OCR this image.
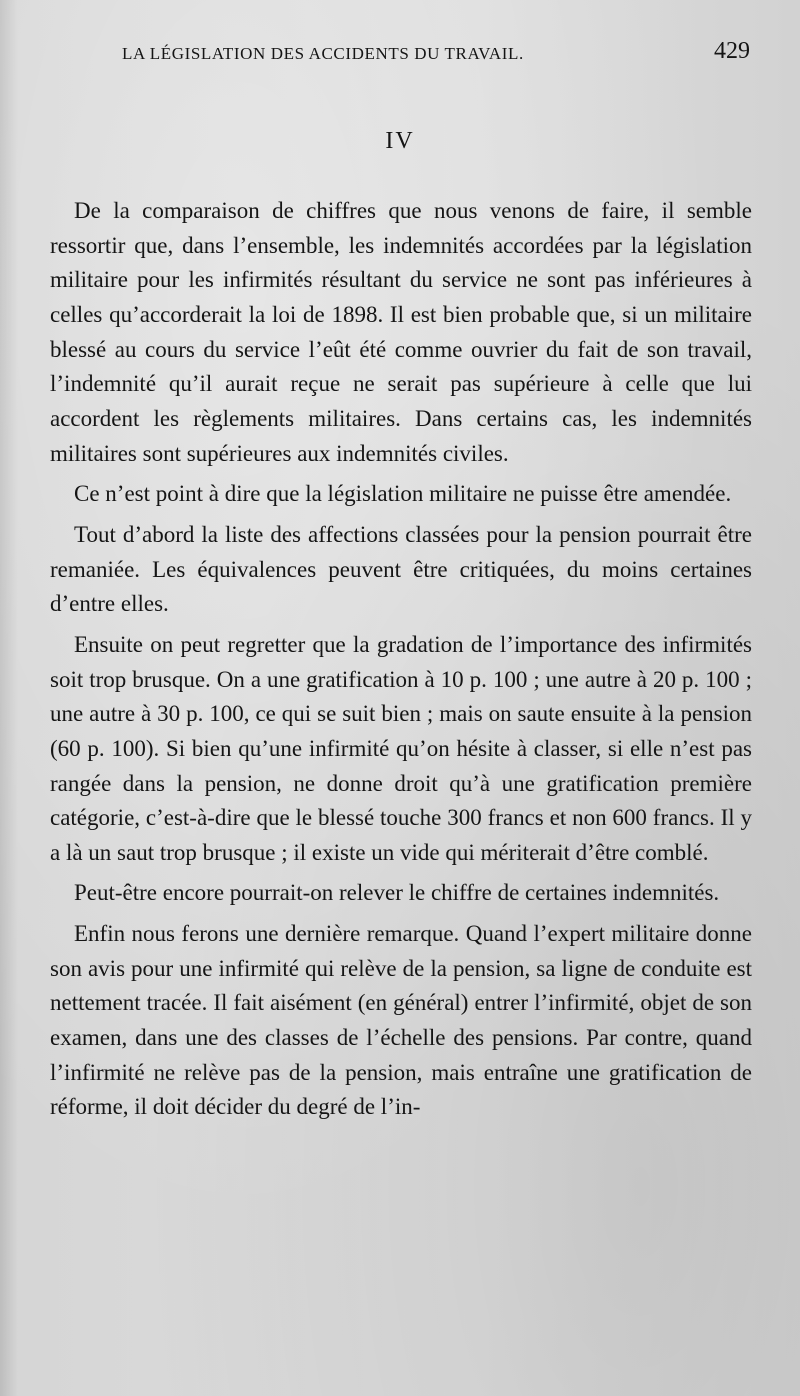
LA LÉGISLATION DES ACCIDENTS DU TRAVAIL.	429
IV

De la comparaison de chiffres que nous venons de faire, il semble ressortir que, dans l’ensemble, les indemnités accordées par la législation militaire pour les infirmités résultant du service ne sont pas inférieures à celles qu’accorderait la loi de 1898. Il est bien probable que, si un militaire blessé au cours du service l’eût été comme ouvrier du fait de son travail, l’indemnité qu’il aurait reçue ne serait pas supérieure à celle que lui accordent les règlements militaires. Dans certains cas, les indemnités militaires sont supérieures aux indemnités civiles.

Ce n’est point à dire que la législation militaire ne puisse être amendée.

Tout d’abord la liste des affections classées pour la pension pourrait être remaniée. Les équivalences peuvent être critiquées, du moins certaines d’entre elles.

Ensuite on peut regretter que la gradation de l’importance des infirmités soit trop brusque. On a une gratification à 10 p. 100 ; une autre à 20 p. 100 ; une autre à 30 p. 100, ce qui se suit bien ; mais on saute ensuite à la pension (60 p. 100). Si bien qu’une infirmité qu’on hésite à classer, si elle n’est pas rangée dans la pension, ne donne droit qu’à une gratification première catégorie, c’est-à-dire que le blessé touche 300 francs et non 600 francs. Il y a là un saut trop brusque ; il existe un vide qui mériterait d’être comblé.

Peut-être encore pourrait-on relever le chiffre de certaines indemnités.

Enfin nous ferons une dernière remarque. Quand l’expert militaire donne son avis pour une infirmité qui relève de la pension, sa ligne de conduite est nettement tracée. Il fait aisément (en général) entrer l’infirmité, objet de son examen, dans une des classes de l’échelle des pensions. Par contre, quand l’infirmité ne relève pas de la pension, mais entraîne une gratification de réforme, il doit décider du degré de l’in-
